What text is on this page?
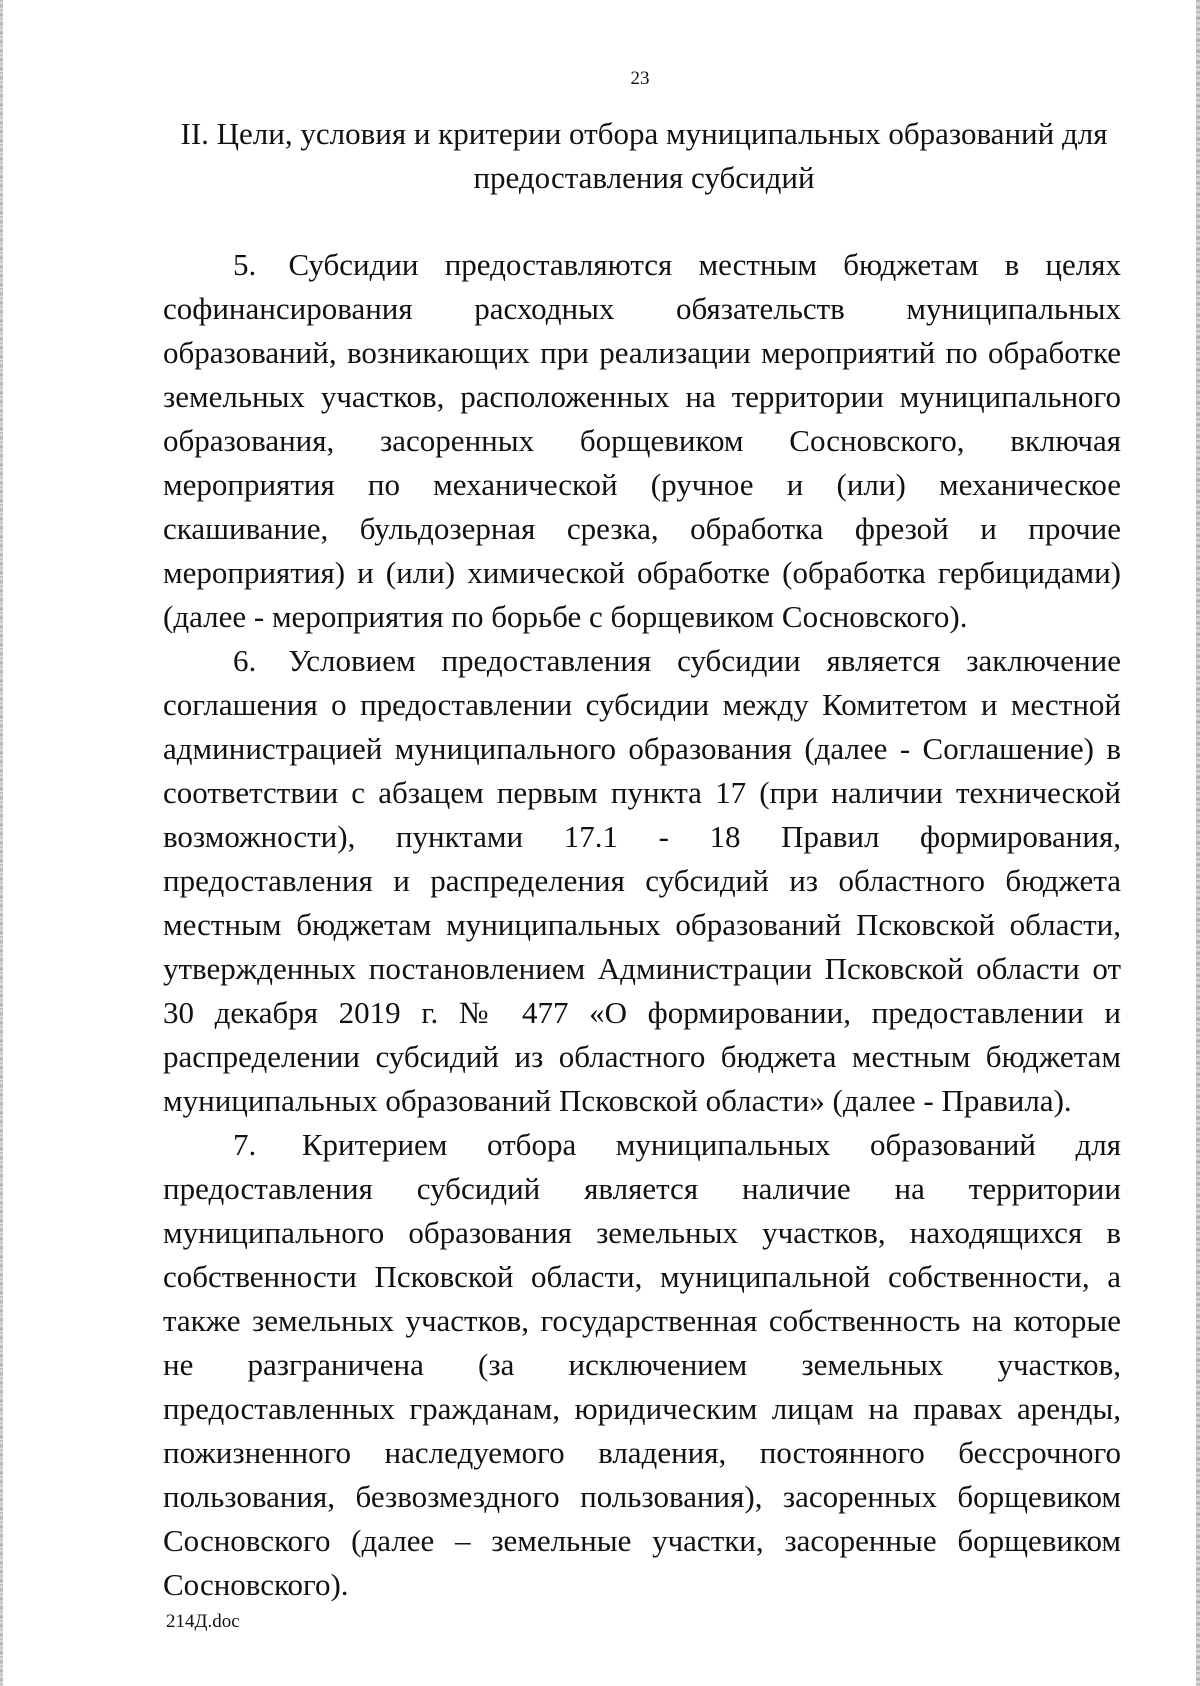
23
II. Цели, условия и критерии отбора муниципальных образований для
предоставления субсидий

5. Субсидии предоставляются местным бюджетам в целях софинансирования расходных обязательств муниципальных образований, возникающих при реализации мероприятий по обработке земельных участков, расположенных на территории муниципального образования, засоренных борщевиком Сосновского, включая мероприятия по механической (ручное и (или) механическое скашивание, бульдозерная срезка, обработка фрезой и прочие мероприятия) и (или) химической обработке (обработка гербицидами) (далее - мероприятия по борьбе с борщевиком Сосновского).

6. Условием предоставления субсидии является заключение соглашения о предоставлении субсидии между Комитетом и местной администрацией муниципального образования (далее - Соглашение) в соответствии с абзацем первым пункта 17 (при наличии технической возможности), пунктами 17.1 - 18 Правил формирования, предоставления и распределения субсидий из областного бюджета местным бюджетам муниципальных образований Псковской области, утвержденных постановлением Администрации Псковской области от 30 декабря 2019 г. № 477 «О формировании, предоставлении и распределении субсидий из областного бюджета местным бюджетам муниципальных образований Псковской области» (далее - Правила).

7. Критерием отбора муниципальных образований для предоставления субсидий является наличие на территории муниципального образования земельных участков, находящихся в собственности Псковской области, муниципальной собственности, а также земельных участков, государственная собственность на которые не разграничена (за исключением земельных участков, предоставленных гражданам, юридическим лицам на правах аренды, пожизненного наследуемого владения, постоянного бессрочного пользования, безвозмездного пользования), засоренных борщевиком Сосновского (далее – земельные участки, засоренные борщевиком Сосновского).

214Д.doc
